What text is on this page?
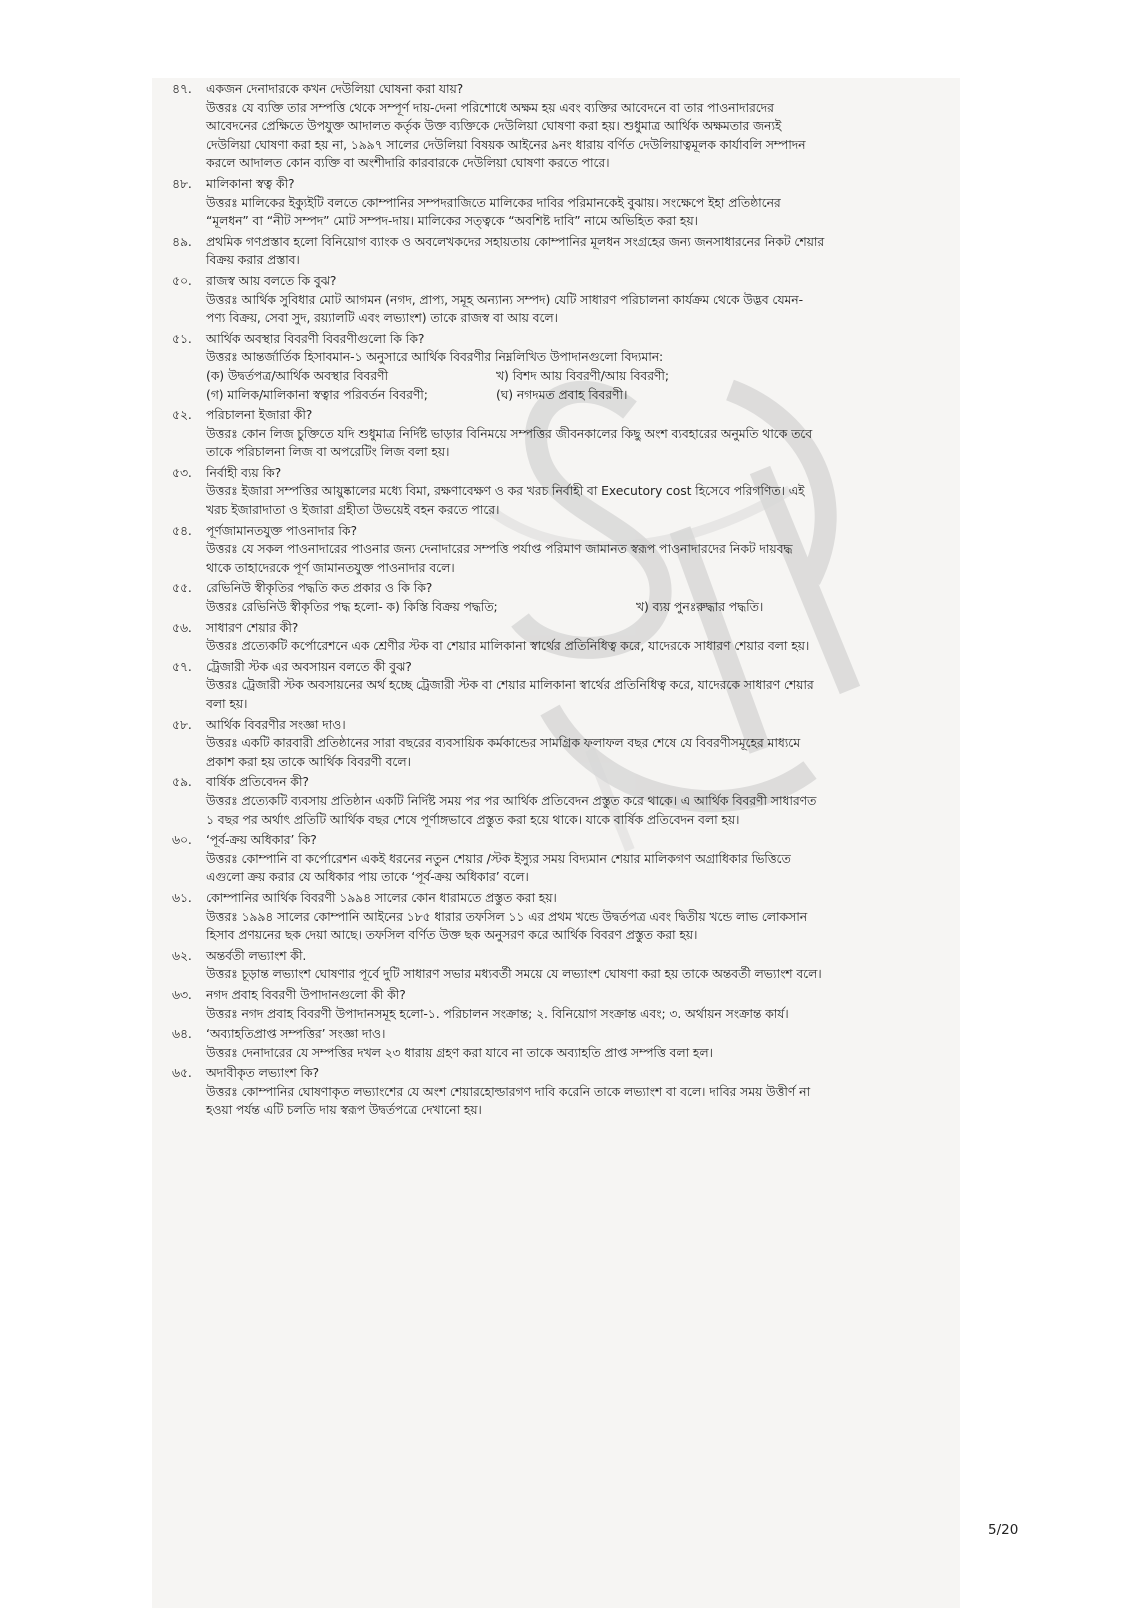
৪৭.	একজন দেনাদারকে কখন দেউলিয়া ঘোষনা করা যায়?
উত্তরঃ যে ব্যক্তি তার সম্পত্তি থেকে সম্পূর্ণ দায়-দেনা পরিশোধে অক্ষম হয় এবং ব্যক্তির আবেদনে বা তার পাওনাদারদের
আবেদনের প্রেক্ষিতে উপযুক্ত আদালত কর্তৃক উক্ত ব্যক্তিকে দেউলিয়া ঘোষণা করা হয়। শুধুমাত্র আর্থিক অক্ষমতার জন্যই
দেউলিয়া ঘোষণা করা হয় না, ১৯৯৭ সালের দেউলিয়া বিষয়ক আইনের ৯নং ধারায় বর্ণিত দেউলিয়াত্বমূলক কার্যাবলি সম্পাদন
করলে আদালত কোন ব্যক্তি বা অংশীদারি কারবারকে দেউলিয়া ঘোষণা করতে পারে।
৪৮.	মালিকানা স্বত্ব কী?
উত্তরঃ মালিকের ইক্যুইটি বলতে কোম্পানির সম্পদরাজিতে মালিকের দাবির পরিমানকেই বুঝায়। সংক্ষেপে ইহা প্রতিষ্ঠানের
“মূলধন” বা “নীট সম্পদ” মোট সম্পদ-দায়। মালিকের সত্ত্বকে “অবশিষ্ট দাবি” নামে অভিহিত করা হয়।
৪৯.	প্রথমিক গণপ্রস্তাব হলো বিনিয়োগ ব্যাংক ও অবলেখকদের সহায়তায় কোম্পানির মূলধন সংগ্রহের জন্য জনসাধারনের নিকট শেয়ার
বিক্রয় করার প্রস্তাব।
৫০.	রাজস্ব আয় বলতে কি বুঝ?
উত্তরঃ আর্থিক সুবিধার মোট আগমন (নগদ, প্রাপ্য, সমূহ অন্যান্য সম্পদ) যেটি সাধারণ পরিচালনা কার্যক্রম থেকে উদ্ভব যেমন-
পণ্য বিক্রয়, সেবা সুদ, রয়্যালটি এবং লভ্যাংশ) তাকে রাজস্ব বা আয় বলে।
৫১.	আর্থিক অবস্থার বিবরণী বিবরণীগুলো কি কি?
উত্তরঃ আন্তর্জার্তিক হিসাবমান-১ অনুসারে আর্থিক বিবরণীর নিম্নলিখিত উপাদানগুলো বিদ্যমান:
(ক) উদ্বর্তপত্র/আর্থিক অবস্থার বিবরণী	খ) বিশদ আয় বিবরণী/আয় বিবরণী;
(গ) মালিক/মালিকানা স্বত্বার পরিবর্তন বিবরণী;	(ঘ) নগদমত প্রবাহ বিবরণী।
৫২.	পরিচালনা ইজারা কী?
উত্তরঃ কোন লিজ চুক্তিতে যদি শুধুমাত্র নির্দিষ্ট ভাড়ার বিনিময়ে সম্পত্তির জীবনকালের কিছু অংশ ব্যবহারের অনুমতি থাকে তবে
তাকে পরিচালনা লিজ বা অপরেটিং লিজ বলা হয়।
৫৩.	নির্বাহী ব্যয় কি?
উত্তরঃ ইজারা সম্পত্তির আয়ুষ্কালের মধ্যে বিমা, রক্ষণাবেক্ষণ ও কর খরচ নির্বাহী বা Executory cost হিসেবে পরিগণিত। এই
খরচ ইজারাদাতা ও ইজারা গ্রহীতা উভয়েই বহন করতে পারে।
৫৪.	পূর্ণজামানতযুক্ত পাওনাদার কি?
উত্তরঃ যে সকল পাওনাদারের পাওনার জন্য দেনাদারের সম্পত্তি পর্যাপ্ত পরিমাণ জামানত স্বরূপ পাওনাদারদের নিকট দায়বদ্ধ
থাকে তাহাদেরকে পূর্ণ জামানতযুক্ত পাওনাদার বলে।
৫৫.	রেভিনিউ স্বীকৃতির পদ্ধতি কত প্রকার ও কি কি?
উত্তরঃ রেভিনিউ স্বীকৃতির পদ্ধ হলো- ক) কিস্তি বিক্রয় পদ্ধতি;	খ) ব্যয় পুনঃরুদ্ধার পদ্ধতি।
৫৬.	সাধারণ শেয়ার কী?
উত্তরঃ প্রত্যেকটি কর্পোরেশনে এক শ্রেণীর স্টক বা শেয়ার মালিকানা স্বার্থের প্রতিনিধিত্ব করে, যাদেরকে সাধারণ শেয়ার বলা হয়।
৫৭.	ট্রেজারী স্টক এর অবসায়ন বলতে কী বুঝ?
উত্তরঃ ট্রেজারী স্টক অবসায়নের অর্থ হচ্ছে ট্রেজারী স্টক বা শেয়ার মালিকানা স্বার্থের প্রতিনিধিত্ব করে, যাদেরকে সাধারণ শেয়ার
বলা হয়।
৫৮.	আর্থিক বিবরণীর সংজ্ঞা দাও।
উত্তরঃ একটি কারবারী প্রতিষ্ঠানের সারা বছরের ব্যবসায়িক কর্মকান্ডের সামগ্রিক ফলাফল বছর শেষে যে বিবরণীসমূহের মাধ্যমে
প্রকাশ করা হয় তাকে আর্থিক বিবরণী বলে।
৫৯.	বার্ষিক প্রতিবেদন কী?
উত্তরঃ প্রত্যেকটি ব্যবসায় প্রতিষ্ঠান একটি নির্দিষ্ট সময় পর পর আর্থিক প্রতিবেদন প্রস্তুত করে থাকে। এ আর্থিক বিবরণী সাধারণত
১ বছর পর অর্থাৎ প্রতিটি আর্থিক বছর শেষে পূর্ণাঙ্গভাবে প্রস্তুত করা হয়ে থাকে। যাকে বার্ষিক প্রতিবেদন বলা হয়।
৬০.	‘পূর্ব-ক্রয় অধিকার’ কি?
উত্তরঃ কোম্পানি বা কর্পোরেশন একই ধরনের নতুন শেয়ার /স্টক ইস্যুর সময় বিদ্যমান শেয়ার মালিকগণ অগ্রাধিকার ভিত্তিতে
এগুলো ক্রয় করার যে অধিকার পায় তাকে ‘পূর্ব-ক্রয় অধিকার’ বলে।
৬১.	কোম্পানির আর্থিক বিবরণী ১৯৯৪ সালের কোন ধারামতে প্রস্তুত করা হয়।
উত্তরঃ ১৯৯৪ সালের কোম্পানি আইনের ১৮৫ ধারার তফসিল ১১ এর প্রথম খন্ডে উদ্বর্তপত্র এবং দ্বিতীয় খন্ডে লাভ লোকসান
হিসাব প্রণয়নের ছক দেয়া আছে। তফসিল বর্ণিত উক্ত ছক অনুসরণ করে আর্থিক বিবরণ প্রস্তুত করা হয়।
৬২.	অন্তর্বতী লভ্যাংশ কী.
উত্তরঃ চূড়ান্ত লভ্যাংশ ঘোষণার পূর্বে দুটি সাধারণ সভার মধ্যবর্তী সময়ে যে লভ্যাংশ ঘোষণা করা হয় তাকে অন্তবর্তী লভ্যাংশ বলে।
৬৩.	নগদ প্রবাহ বিবরণী উপাদানগুলো কী কী?
উত্তরঃ নগদ প্রবাহ বিবরণী উপাদানসমূহ হলো-১. পরিচালন সংক্রান্ত; ২. বিনিয়োগ সংক্রান্ত এবং; ৩. অর্থায়ন সংক্রান্ত কার্য।
৬৪.	‘অব্যাহতিপ্রাপ্ত সম্পত্তির’ সংজ্ঞা দাও।
উত্তরঃ দেনাদারের যে সম্পত্তির দখল ২৩ ধারায় গ্রহণ করা যাবে না তাকে অব্যাহতি প্রাপ্ত সম্পত্তি বলা হল।
৬৫.	অদাবীকৃত লভ্যাংশ কি?
উত্তরঃ কোম্পানির ঘোষণাকৃত লভ্যাংশের যে অংশ শেয়ারহোল্ডারগণ দাবি করেনি তাকে লভ্যাংশ বা বলে। দাবির সময় উত্তীর্ণ না
হওয়া পর্যন্ত এটি চলতি দায় স্বরূপ উদ্বর্তপত্রে দেখানো হয়।
5/20
